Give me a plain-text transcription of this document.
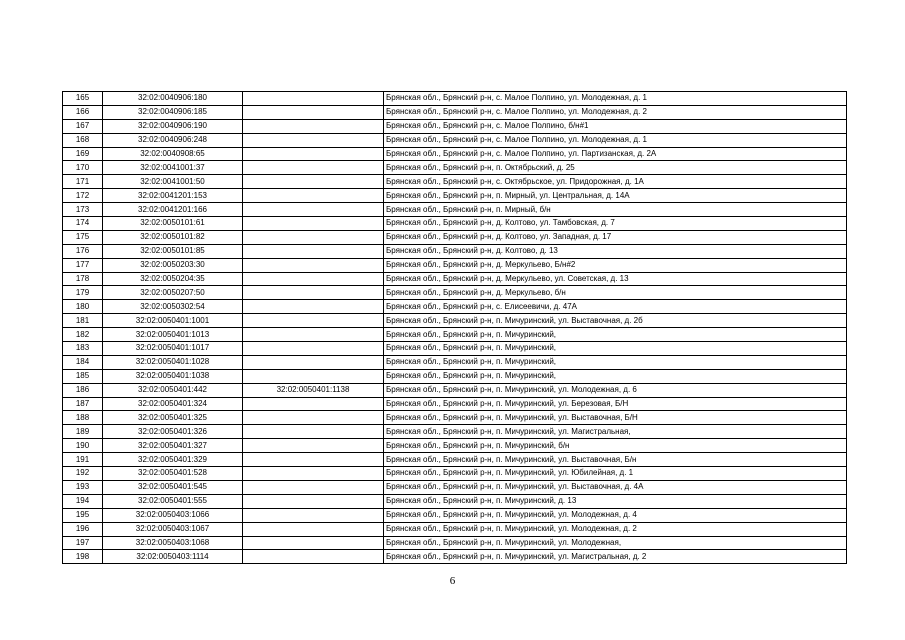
165	32:02:0040906:180		Брянская обл., Брянский р-н, с. Малое Полпино, ул. Молодежная, д. 1
166	32:02:0040906:185		Брянская обл., Брянский р-н, с. Малое Полпино, ул. Молодежная, д. 2
167	32:02:0040906:190		Брянская обл., Брянский р-н, с. Малое Полпино, б/н#1
168	32:02:0040906:248		Брянская обл., Брянский р-н, с. Малое Полпино, ул. Молодежная, д. 1
169	32:02:0040908:65		Брянская обл., Брянский р-н, с. Малое Полпино, ул. Партизанская, д. 2А
170	32:02:0041001:37		Брянская обл., Брянский р-н, п. Октябрьский, д. 25
171	32:02:0041001:50		Брянская обл., Брянский р-н, с. Октябрьское, ул. Придорожная, д. 1А
172	32:02:0041201:153		Брянская обл., Брянский р-н, п. Мирный, ул. Центральная, д. 14А
173	32:02:0041201:166		Брянская обл., Брянский р-н, п. Мирный, б/н
174	32:02:0050101:61		Брянская обл., Брянский р-н, д. Колтово, ул. Тамбовская, д. 7
175	32:02:0050101:82		Брянская обл., Брянский р-н, д. Колтово, ул. Западная, д. 17
176	32:02:0050101:85		Брянская обл., Брянский р-н, д. Колтово, д. 13
177	32:02:0050203:30		Брянская обл., Брянский р-н, д. Меркульево, Б/н#2
178	32:02:0050204:35		Брянская обл., Брянский р-н, д. Меркульево, ул. Советская, д. 13
179	32:02:0050207:50		Брянская обл., Брянский р-н, д. Меркульево, б/н
180	32:02:0050302:54		Брянская обл., Брянский р-н, с. Елисеевичи, д. 47А
181	32:02:0050401:1001		Брянская обл., Брянский р-н, п. Мичуринский, ул. Выставочная, д. 2б
182	32:02:0050401:1013		Брянская обл., Брянский р-н, п. Мичуринский,
183	32:02:0050401:1017		Брянская обл., Брянский р-н, п. Мичуринский,
184	32:02:0050401:1028		Брянская обл., Брянский р-н, п. Мичуринский,
185	32:02:0050401:1038		Брянская обл., Брянский р-н, п. Мичуринский,
186	32:02:0050401:442	32:02:0050401:1138	Брянская обл., Брянский р-н, п. Мичуринский, ул. Молодежная, д. 6
187	32:02:0050401:324		Брянская обл., Брянский р-н, п. Мичуринский, ул. Березовая, Б/Н
188	32:02:0050401:325		Брянская обл., Брянский р-н, п. Мичуринский, ул. Выставочная, Б/Н
189	32:02:0050401:326		Брянская обл., Брянский р-н, п. Мичуринский, ул. Магистральная,
190	32:02:0050401:327		Брянская обл., Брянский р-н, п. Мичуринский, б/н
191	32:02:0050401:329		Брянская обл., Брянский р-н, п. Мичуринский, ул. Выставочная, Б/н
192	32:02:0050401:528		Брянская обл., Брянский р-н, п. Мичуринский, ул. Юбилейная, д. 1
193	32:02:0050401:545		Брянская обл., Брянский р-н, п. Мичуринский, ул. Выставочная, д. 4А
194	32:02:0050401:555		Брянская обл., Брянский р-н, п. Мичуринский, д. 13
195	32:02:0050403:1066		Брянская обл., Брянский р-н, п. Мичуринский, ул. Молодежная, д. 4
196	32:02:0050403:1067		Брянская обл., Брянский р-н, п. Мичуринский, ул. Молодежная, д. 2
197	32:02:0050403:1068		Брянская обл., Брянский р-н, п. Мичуринский, ул. Молодежная,
198	32:02:0050403:1114		Брянская обл., Брянский р-н, п. Мичуринский, ул. Магистральная, д. 2
6
